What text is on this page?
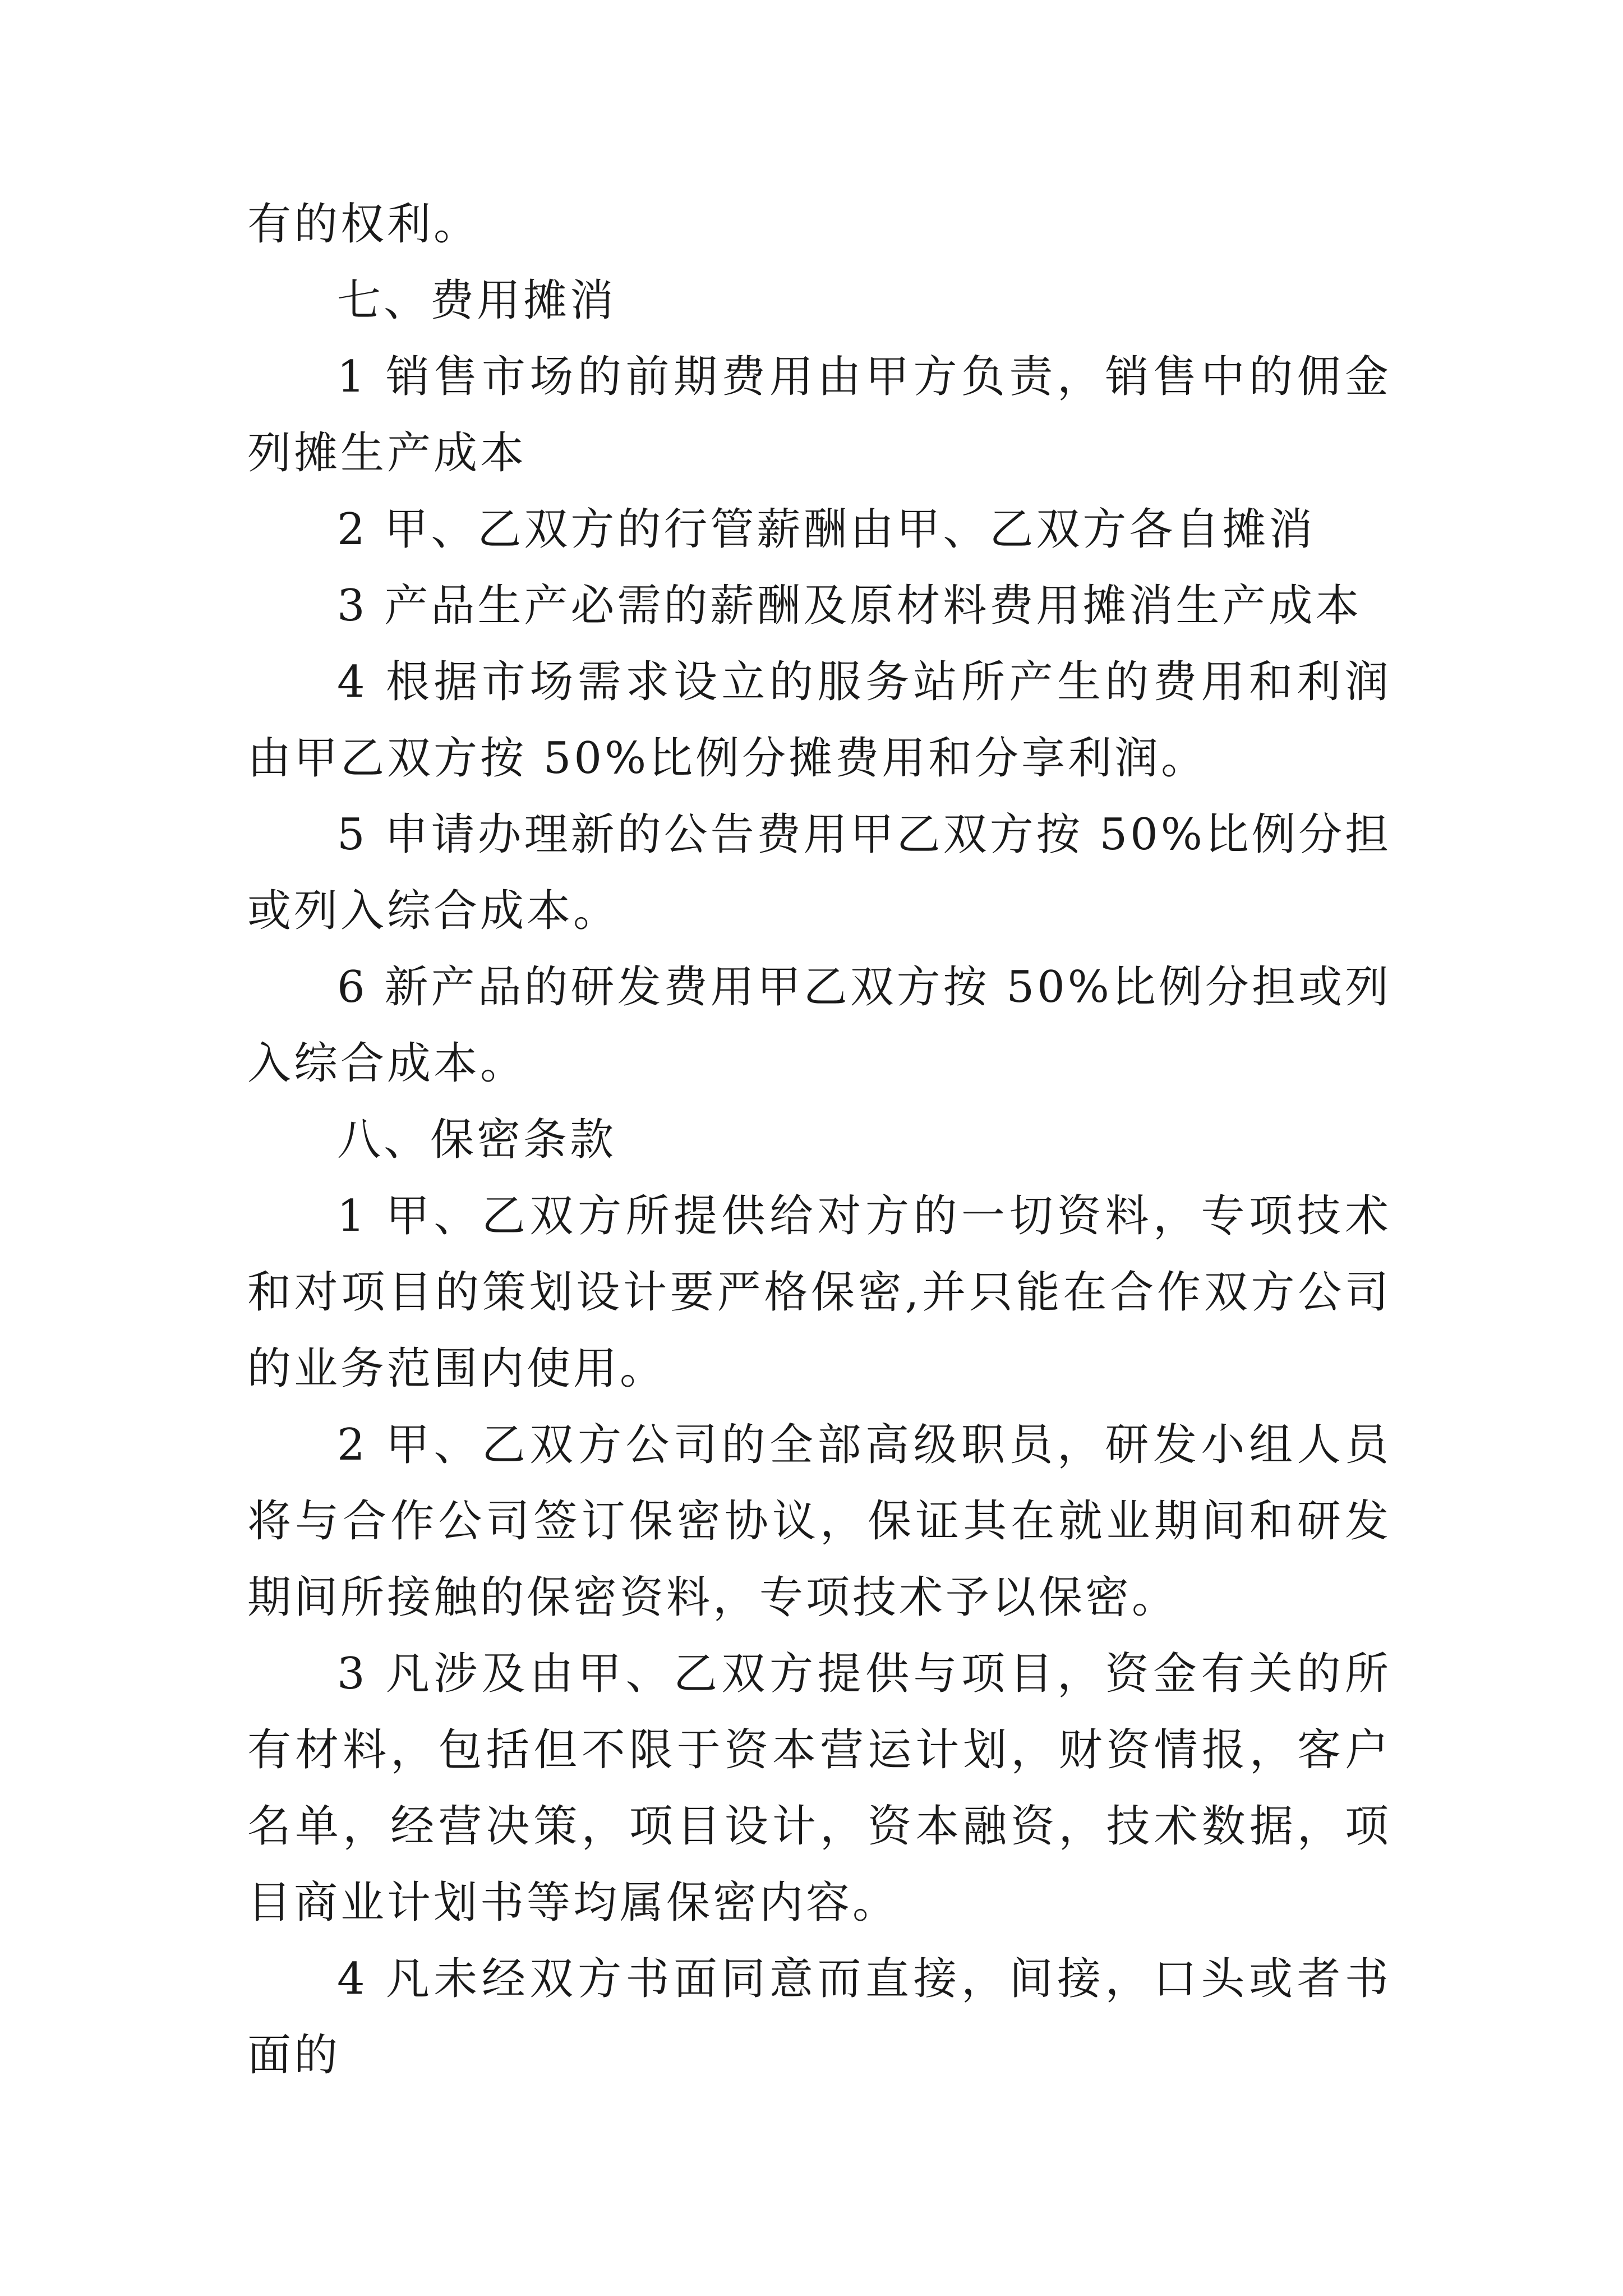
有的权利。

七、费用摊消

1 销售市场的前期费用由甲方负责，销售中的佣金列摊生产成本

2 甲、乙双方的行管薪酬由甲、乙双方各自摊消

3 产品生产必需的薪酬及原材料费用摊消生产成本

4 根据市场需求设立的服务站所产生的费用和利润由甲乙双方按 50%比例分摊费用和分享利润。

5 申请办理新的公告费用甲乙双方按 50%比例分担或列入综合成本。

6 新产品的研发费用甲乙双方按 50%比例分担或列入综合成本。

八、保密条款

1 甲、乙双方所提供给对方的一切资料，专项技术和对项目的策划设计要严格保密,并只能在合作双方公司的业务范围内使用。

2 甲、乙双方公司的全部高级职员，研发小组人员将与合作公司签订保密协议，保证其在就业期间和研发期间所接触的保密资料，专项技术予以保密。

3 凡涉及由甲、乙双方提供与项目，资金有关的所有材料，包括但不限于资本营运计划，财资情报，客户名单，经营决策，项目设计，资本融资，技术数据，项目商业计划书等均属保密内容。

4 凡未经双方书面同意而直接，间接，口头或者书面的
